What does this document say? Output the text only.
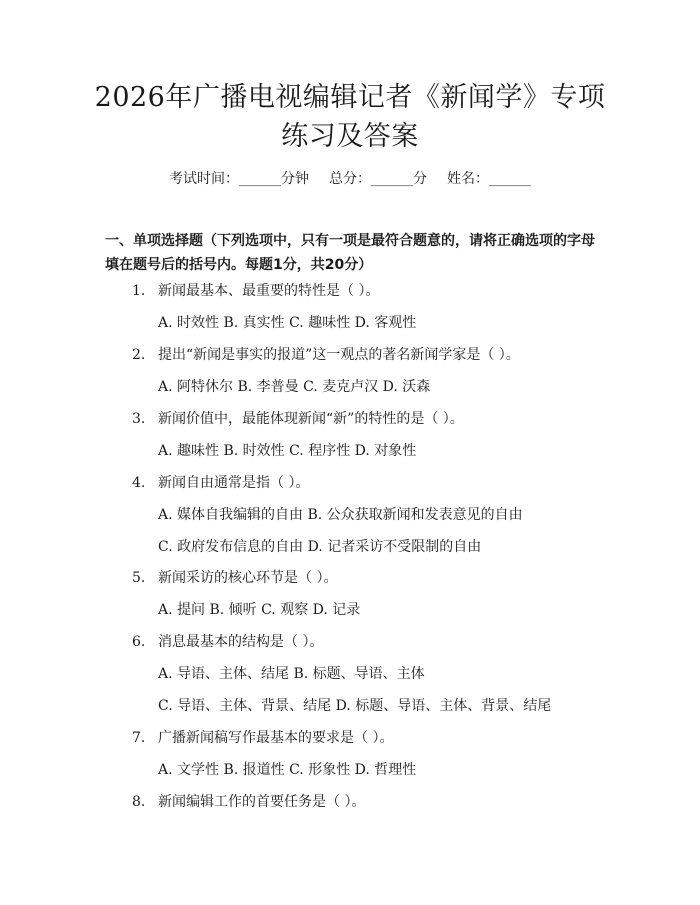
2026年广播电视编辑记者《新闻学》专项练习及答案
考试时间：______分钟 总分：______分 姓名：______
一、单项选择题（下列选项中，只有一项是最符合题意的，请将正确选项的字母填在题号后的括号内。每题1分，共20分）
1. 新闻最基本、最重要的特性是（ ）。
A. 时效性 B. 真实性 C. 趣味性 D. 客观性
2. 提出“新闻是事实的报道”这一观点的著名新闻学家是（ ）。
A. 阿特休尔 B. 李普曼 C. 麦克卢汉 D. 沃森
3. 新闻价值中，最能体现新闻“新”的特性的是（ ）。
A. 趣味性 B. 时效性 C. 程序性 D. 对象性
4. 新闻自由通常是指（ ）。
A. 媒体自我编辑的自由 B. 公众获取新闻和发表意见的自由
C. 政府发布信息的自由 D. 记者采访不受限制的自由
5. 新闻采访的核心环节是（ ）。
A. 提问 B. 倾听 C. 观察 D. 记录
6. 消息最基本的结构是（ ）。
A. 导语、主体、结尾 B. 标题、导语、主体
C. 导语、主体、背景、结尾 D. 标题、导语、主体、背景、结尾
7. 广播新闻稿写作最基本的要求是（ ）。
A. 文学性 B. 报道性 C. 形象性 D. 哲理性
8. 新闻编辑工作的首要任务是（ ）。
